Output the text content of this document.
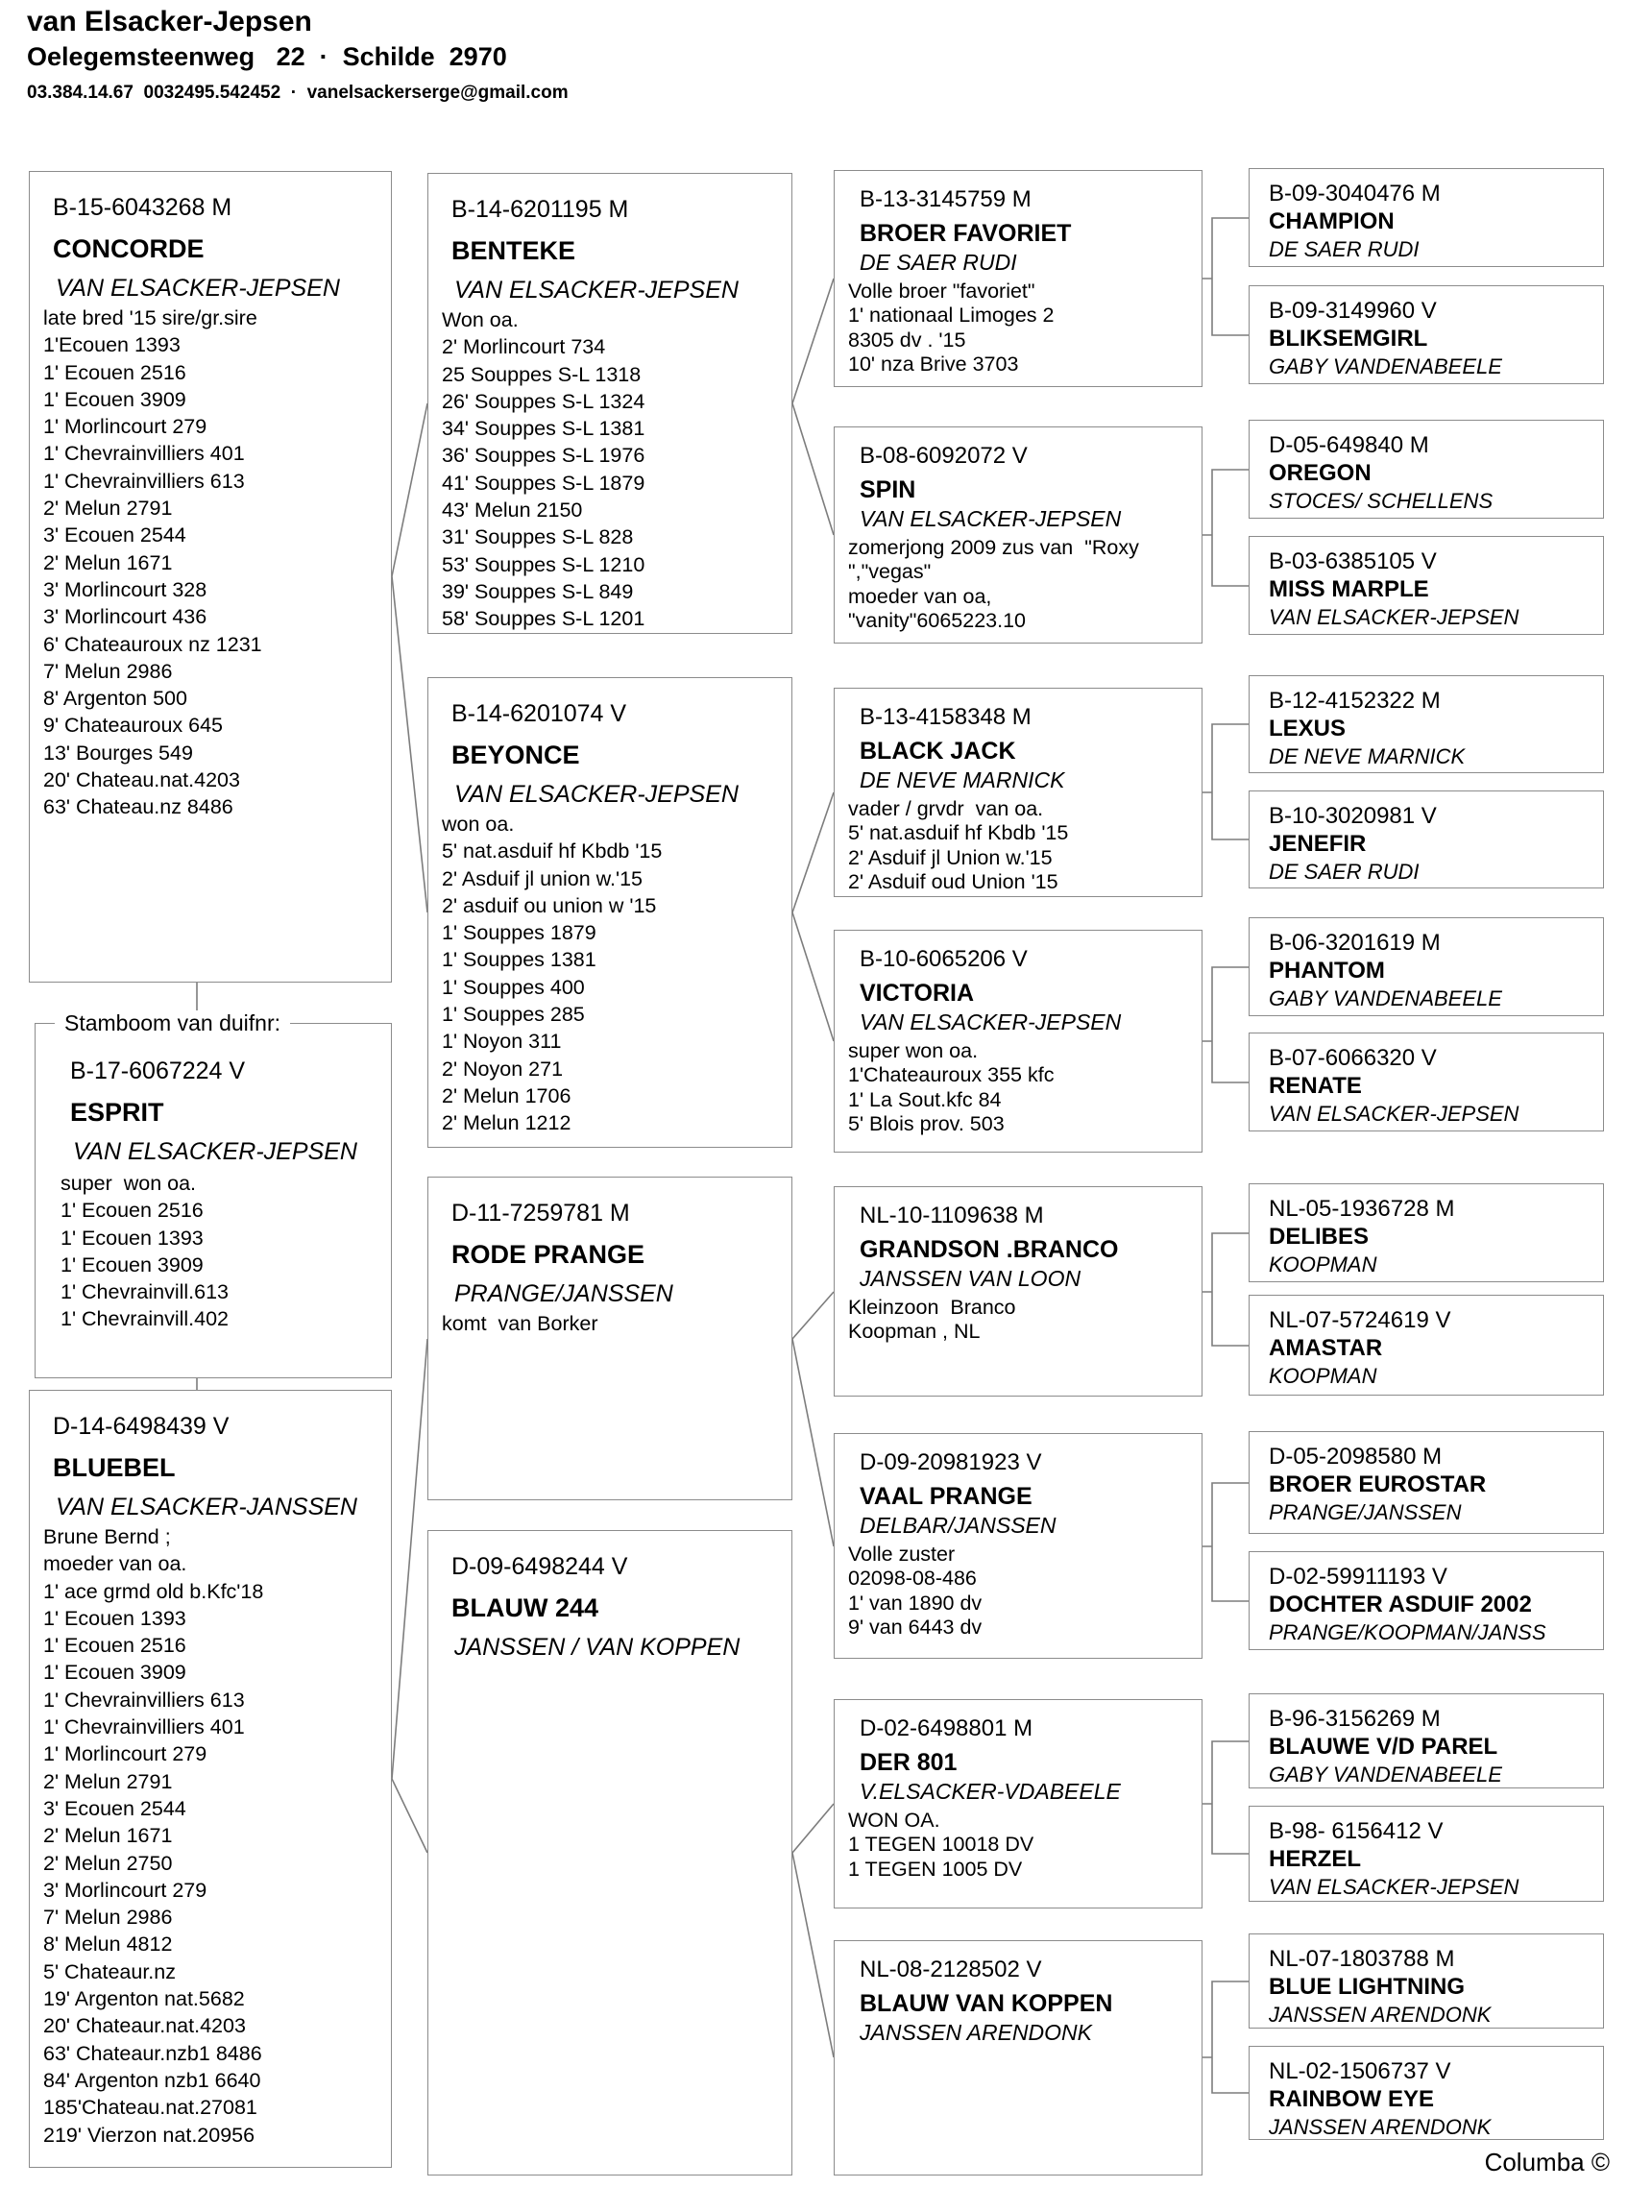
van Elsacker-Jepsen
Oelegemsteenweg   22  ·  Schilde  2970
03.384.14.67  0032495.542452  ·  vanelsackerserge@gmail.com
B-15-6043268 M
CONCORDE
VAN ELSACKER-JEPSEN
late bred '15 sire/gr.sire
1'Ecouen 1393
1' Ecouen 2516
1' Ecouen 3909
1' Morlincourt 279
1' Chevrainvilliers 401
1' Chevrainvilliers 613
2' Melun 2791
3' Ecouen 2544
2' Melun 1671
3' Morlincourt 328
3' Morlincourt 436
6' Chateauroux nz 1231
7' Melun 2986
8' Argenton 500
9' Chateauroux 645
13' Bourges 549
20' Chateau.nat.4203
63' Chateau.nz 8486
Stamboom van duifnr:
B-17-6067224 V
ESPRIT
VAN ELSACKER-JEPSEN
super  won oa.
1' Ecouen 2516
1' Ecouen 1393
1' Ecouen 3909
1' Chevrainvill.613
1' Chevrainvill.402
D-14-6498439 V
BLUEBEL
VAN ELSACKER-JANSSEN
Brune Bernd ;
moeder van oa.
1' ace grmd old b.Kfc'18
1' Ecouen 1393
1' Ecouen 2516
1' Ecouen 3909
1' Chevrainvilliers 613
1' Chevrainvilliers 401
1' Morlincourt 279
2' Melun 2791
3' Ecouen 2544
2' Melun 1671
2' Melun 2750
3' Morlincourt 279
7' Melun 2986
8' Melun 4812
5' Chateaur.nz
19' Argenton nat.5682
20' Chateaur.nat.4203
63' Chateaur.nzb1 8486
84' Argenton nzb1 6640
185'Chateau.nat.27081
219' Vierzon nat.20956
B-14-6201195 M
BENTEKE
VAN ELSACKER-JEPSEN
Won oa.
2' Morlincourt 734
25 Souppes S-L 1318
26' Souppes S-L 1324
34' Souppes S-L 1381
36' Souppes S-L 1976
41' Souppes S-L 1879
43' Melun 2150
31' Souppes S-L 828
53' Souppes S-L 1210
39' Souppes S-L 849
58' Souppes S-L 1201
B-14-6201074 V
BEYONCE
VAN ELSACKER-JEPSEN
won oa.
5' nat.asduif hf Kbdb '15
2' Asduif jl union w.'15
2' asduif ou union w '15
1' Souppes 1879
1' Souppes 1381
1' Souppes 400
1' Souppes 285
1' Noyon 311
2' Noyon 271
2' Melun 1706
2' Melun 1212
D-11-7259781 M
RODE PRANGE
PRANGE/JANSSEN
komt  van Borker
D-09-6498244 V
BLAUW 244
JANSSEN / VAN KOPPEN
B-13-3145759 M
BROER FAVORIET
DE SAER RUDI
Volle broer "favoriet"
1' nationaal Limoges 2
8305 dv . '15
10' nza Brive 3703
B-08-6092072 V
SPIN
VAN ELSACKER-JEPSEN
zomerjong 2009 zus van  "Roxy
","vegas"
moeder van oa,
"vanity"6065223.10
B-13-4158348 M
BLACK JACK
DE NEVE MARNICK
vader / grvdr  van oa.
5' nat.asduif hf Kbdb '15
2' Asduif jl Union w.'15
2' Asduif oud Union '15
B-10-6065206 V
VICTORIA
VAN ELSACKER-JEPSEN
super won oa.
1'Chateauroux 355 kfc
1' La Sout.kfc 84
5' Blois prov. 503
NL-10-1109638 M
GRANDSON .BRANCO
JANSSEN VAN LOON
Kleinzoon  Branco
Koopman , NL
D-09-20981923 V
VAAL PRANGE
DELBAR/JANSSEN
Volle zuster
02098-08-486
1' van 1890 dv
9' van 6443 dv
D-02-6498801 M
DER 801
V.ELSACKER-VDABEELE
WON OA.
1 TEGEN 10018 DV
1 TEGEN 1005 DV
NL-08-2128502 V
BLAUW VAN KOPPEN
JANSSEN ARENDONK
B-09-3040476 M
CHAMPION
DE SAER RUDI
B-09-3149960 V
BLIKSEMGIRL
GABY VANDENABEELE
D-05-649840 M
OREGON
STOCES/ SCHELLENS
B-03-6385105 V
MISS MARPLE
VAN ELSACKER-JEPSEN
B-12-4152322 M
LEXUS
DE NEVE MARNICK
B-10-3020981 V
JENEFIR
DE SAER RUDI
B-06-3201619 M
PHANTOM
GABY VANDENABEELE
B-07-6066320 V
RENATE
VAN ELSACKER-JEPSEN
NL-05-1936728 M
DELIBES
KOOPMAN
NL-07-5724619 V
AMASTAR
KOOPMAN
D-05-2098580 M
BROER EUROSTAR
PRANGE/JANSSEN
D-02-59911193 V
DOCHTER ASDUIF 2002
PRANGE/KOOPMAN/JANSS
B-96-3156269 M
BLAUWE V/D PAREL
GABY VANDENABEELE
B-98- 6156412 V
HERZEL
VAN ELSACKER-JEPSEN
NL-07-1803788 M
BLUE LIGHTNING
JANSSEN ARENDONK
NL-02-1506737 V
RAINBOW EYE
JANSSEN ARENDONK
Columba ©
